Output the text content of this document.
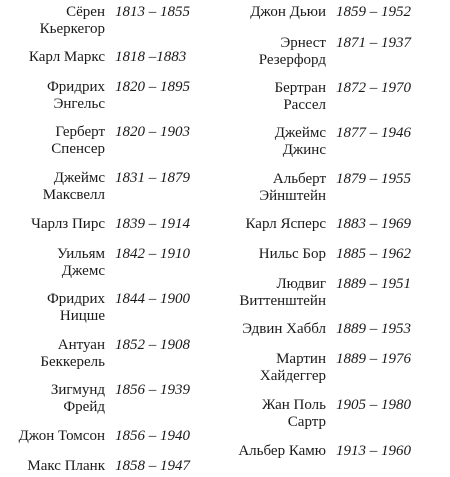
Сёрен
Кьеркегор
1813 – 1855
Карл Маркс 1818 –1883
Фридрих
Энгельс
1820 – 1895
Герберт
Спенсер
1820 – 1903
Джеймс
Максвелл
1831 – 1879
Чарлз Пирс 1839 – 1914
Уильям
Джемс
1842 – 1910
Фридрих
Ницше
1844 – 1900
Антуан
Беккерель
1852 – 1908
Зигмунд
Фрейд
1856 – 1939
Джон Томсон 1856 – 1940
Макс Планк 1858 – 1947
Джон Дьюи 1859 – 1952
Эрнест
Резерфорд
1871 – 1937
Бертран
Рассел
1872 – 1970
Джеймс
Джинс
1877 – 1946
Альберт
Эйнштейн
1879 – 1955
Карл Ясперс 1883 – 1969
Нильс Бор 1885 – 1962
Людвиг
Виттенштейн
1889 – 1951
Эдвин Хаббл 1889 – 1953
Мартин
Хайдеггер
1889 – 1976
Жан Поль
Сартр
1905 – 1980
Альбер Камю 1913 – 1960
